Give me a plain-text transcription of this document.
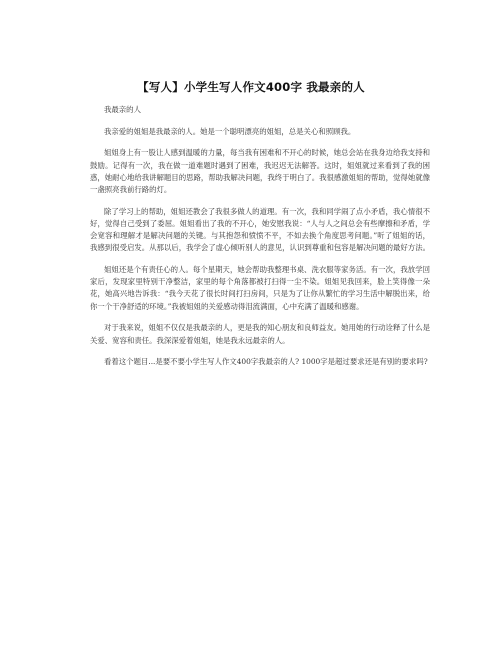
【写人】小学生写人作文400字 我最亲的人

我最亲的人

我亲爱的姐姐是我最亲的人。她是一个聪明漂亮的姐姐，总是关心和照顾我。

姐姐身上有一股让人感到温暖的力量，每当我有困难和不开心的时候，她总会站在我身边给我支持和鼓励。记得有一次，我在做一道难题时遇到了困难，我迟迟无法解答。这时，姐姐就过来看到了我的困惑，她耐心地给我讲解题目的思路，帮助我解决问题，我终于明白了。我很感激姐姐的帮助，觉得她就像一盏照亮我前行路的灯。

除了学习上的帮助，姐姐还教会了我很多做人的道理。有一次，我和同学闹了点小矛盾，我心情很不好，觉得自己受到了委屈。姐姐看出了我的不开心，她安慰我说：“人与人之间总会有些摩擦和矛盾，学会宽容和理解才是解决问题的关键。与其抱怨和愤愤不平，不如去换个角度思考问题。”听了姐姐的话，我感到很受启发。从那以后，我学会了虚心倾听别人的意见，认识到尊重和包容是解决问题的最好方法。

姐姐还是个有责任心的人。每个星期天，她会帮助我整理书桌、洗衣服等家务活。有一次，我放学回家后，发现家里特别干净整洁，家里的每个角落都被打扫得一尘不染。姐姐见我回来，脸上笑得像一朵花，她高兴地告诉我：“我今天花了很长时间打扫房间，只是为了让你从繁忙的学习生活中解脱出来，给你一个干净舒适的环境。”我被姐姐的关爱感动得泪流满面，心中充满了温暖和感谢。

对于我来说，姐姐不仅仅是我最亲的人，更是我的知心朋友和良师益友。她用她的行动诠释了什么是关爱、宽容和责任。我深深爱着姐姐，她是我永远最亲的人。

看着这个题目...是要不要小学生写人作文400字我最亲的人? 1000字是超过要求还是有别的要求吗?
